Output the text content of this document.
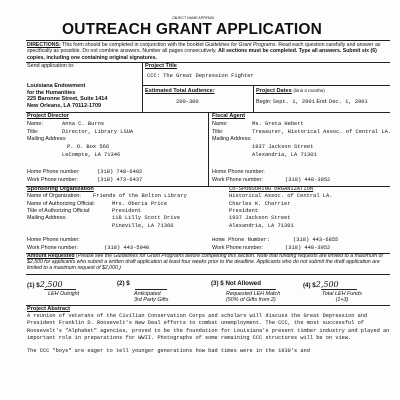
OBJECT NAME APPENDI
OUTREACH GRANT APPLICATION
DIRECTIONS: This form should be completed in conjunction with the booklet Guidelines for Grant Programs. Read each question carefully and answer as specifically as possible. Do not combine answers. Number all pages consecutively. All sections must be completed. Type all answers. Submit six (6) copies, including one containing original signatures.
Send application to:
Louisiana Endowment
for the Humanities
225 Baronne Street, Suite 1414
New Orleans, LA 70112-1709
Project Title
CCC: The Great Depression Fighter
Estimated Total Audience:
200-300
Project Dates (limit 3 months)
Begin: Sept. 1, 2001 End: Dec. 1, 2001
Project Director
Name:	Anna C. Burns
Title:	Director, Library LSUA
Mailing Address:
P. O. Box 566
LeCompte, LA 71346
Home Phone number:	(318) 748-6402
Work Phone number:	(318) 473-6437
Fiscal Agent
Name:	Ms. Greta Hebert
Title:	Treasurer, Historical Assoc. of Central LA.
Mailing Address:
1937 Jackson Street
Alexandria, LA 71301
Home Phone number:
Work Phone number:	(318) 448-3952
Sponsoring Organization
Name of Organization: Friends of the Bolton Library
Name of Authorizing Official:	Mrs. Oberia Price
Title of Authorizing Official:	President
Mailing Address:	118 Lilly Scott Drive
Pineville, LA 71360
Home Phone number:
Work Phone number:	(318) 443-5940
CO-SPONSORING ORGANIZATION
Historical Assoc. of Central LA.
Charles K. Charrier
President
1937 Jackson Street
Alexandria, LA 71301
Home Phone Number:	(318) 443-6855
Work Phone number:	(318) 448-3952
Amount Requested (Please see the Guidelines for Grant Programs before completing this section. Note that funding requests are limited to a maximum of $2,500 for applicants who submit a written draft application at least four weeks prior to the deadline. Applicants who do not submit the draft application are limited to a maximum request of $2,000.)
(1) $2,500
LEH Outright
(2) $
Anticipated
3rd Party Gifts
(3) $ Not Allowed
Requested LEH Match
(50% of Gifts from 2)
(4) $2,500
Total LEH Funds
(1+3)
Project Abstract
A reunion of veterans of the Civilian Conservation Corps and scholars will discuss the Great Depression and President Franklin D. Roosevelt's New Deal efforts to combat unemployment. The CCC, the most successful of Roosevelt's "Alphabet" agencies, proved to be the foundation for Louisiana's present timber industry and played an important role in preparations for WWII. Photographs of some remaining CCC structures will be on view.
The CCC "boys" are eager to tell younger generations how bad times were in the 1930's and
